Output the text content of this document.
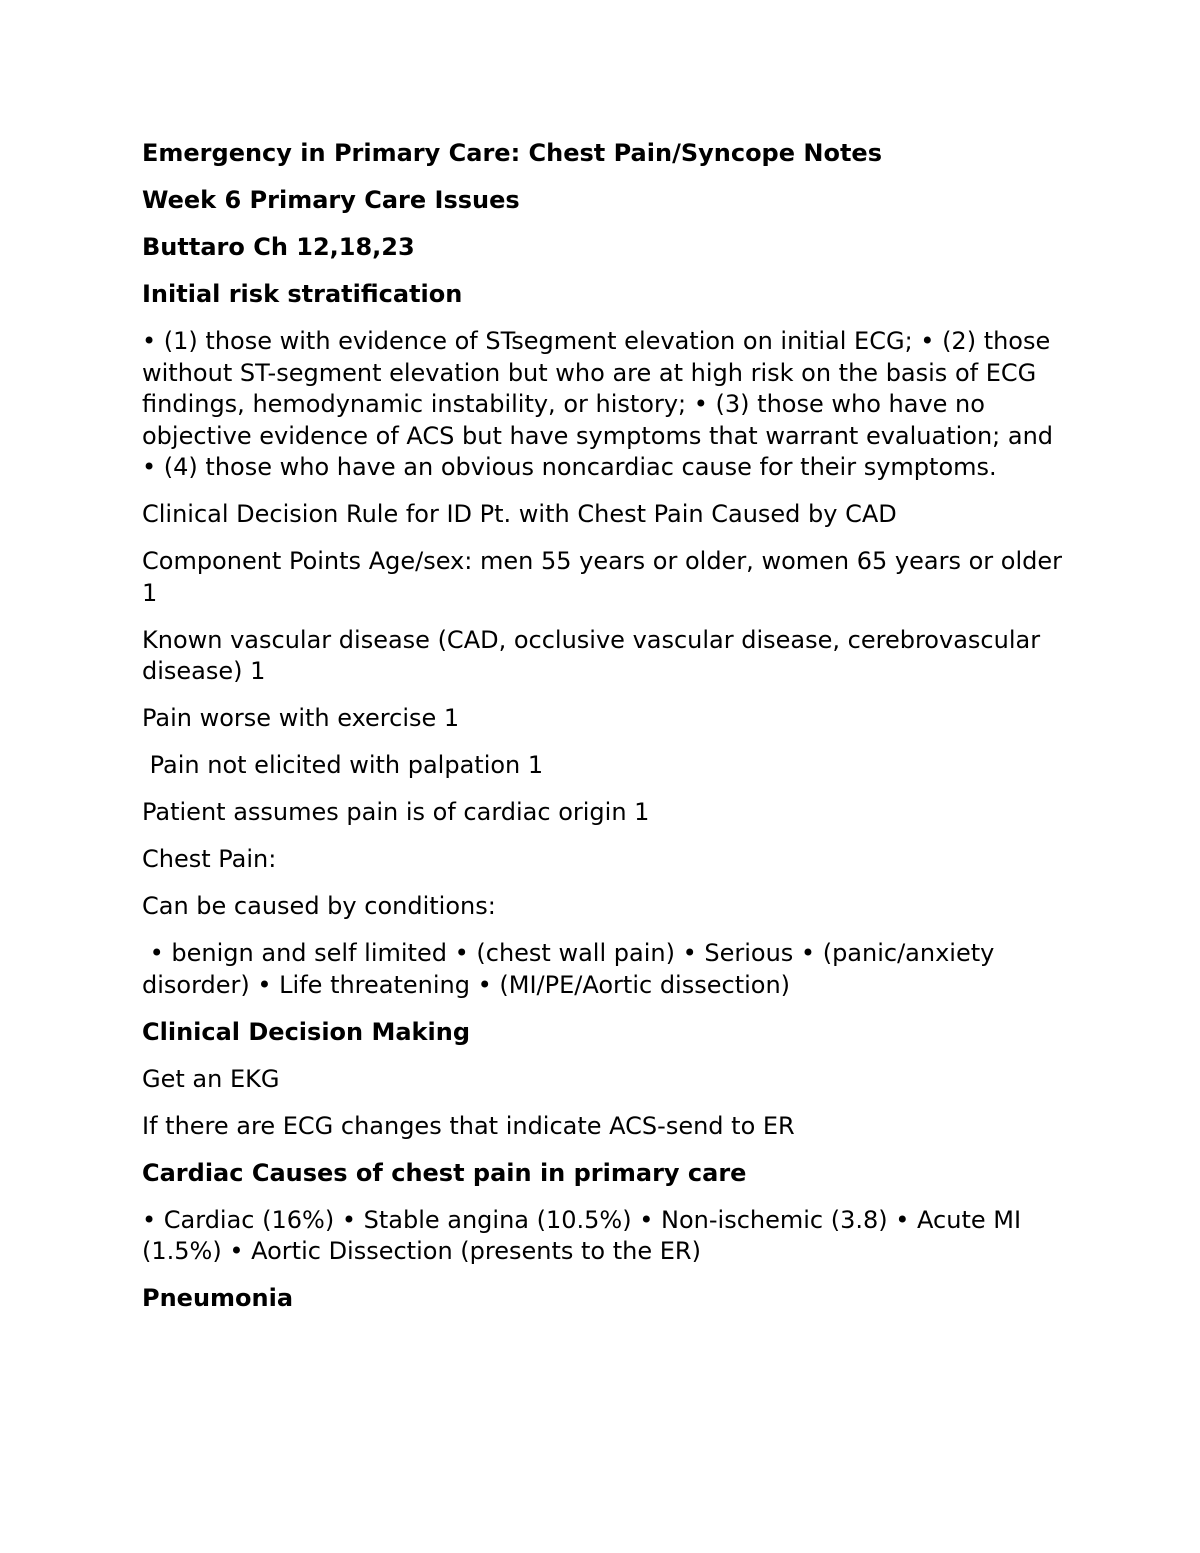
Emergency in Primary Care: Chest Pain/Syncope Notes

Week 6 Primary Care Issues

Buttaro Ch 12,18,23

Initial risk stratification

• (1) those with evidence of STsegment elevation on initial ECG; • (2) those without ST-segment elevation but who are at high risk on the basis of ECG findings, hemodynamic instability, or history; • (3) those who have no objective evidence of ACS but have symptoms that warrant evaluation; and • (4) those who have an obvious noncardiac cause for their symptoms.

Clinical Decision Rule for ID Pt. with Chest Pain Caused by CAD

Component Points Age/sex: men 55 years or older, women 65 years or older 1

Known vascular disease (CAD, occlusive vascular disease, cerebrovascular disease) 1

Pain worse with exercise 1

Pain not elicited with palpation 1

Patient assumes pain is of cardiac origin 1

Chest Pain:

Can be caused by conditions:

• benign and self limited • (chest wall pain) • Serious • (panic/anxiety disorder) • Life threatening • (MI/PE/Aortic dissection)

Clinical Decision Making

Get an EKG

If there are ECG changes that indicate ACS-send to ER

Cardiac Causes of chest pain in primary care

• Cardiac (16%) • Stable angina (10.5%) • Non-ischemic (3.8) • Acute MI (1.5%) • Aortic Dissection (presents to the ER)

Pneumonia
